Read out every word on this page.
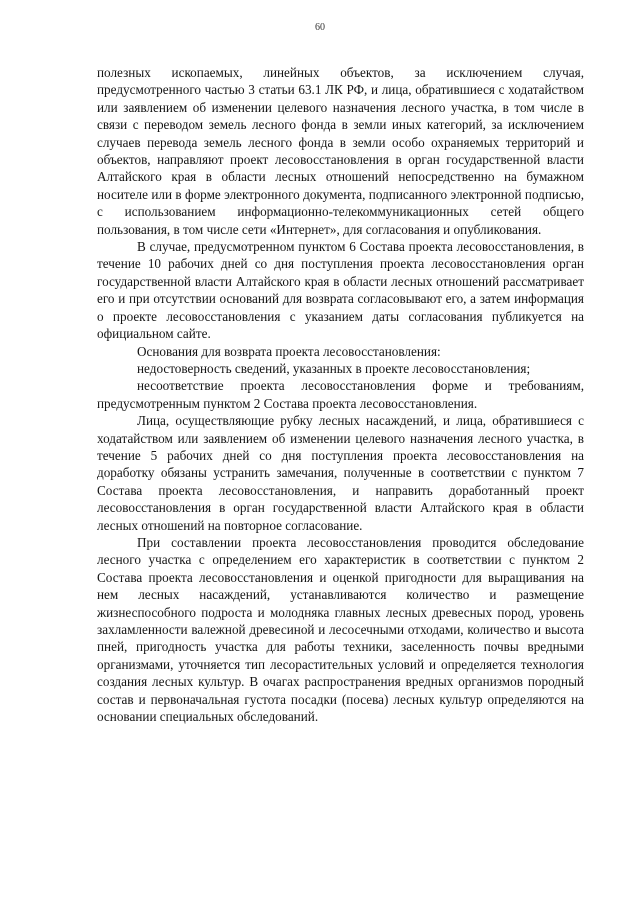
60

полезных ископаемых, линейных объектов, за исключением случая, предусмотренного частью 3 статьи 63.1 ЛК РФ, и лица, обратившиеся с ходатайством или заявлением об изменении целевого назначения лесного участка, в том числе в связи с переводом земель лесного фонда в земли иных категорий, за исключением случаев перевода земель лесного фонда в земли особо охраняемых территорий и объектов, направляют проект лесовосстановления в орган государственной власти Алтайского края в области лесных отношений непосредственно на бумажном носителе или в форме электронного документа, подписанного электронной подписью, с использованием информационно-телекоммуникационных сетей общего пользования, в том числе сети «Интернет», для согласования и опубликования.

В случае, предусмотренном пунктом 6 Состава проекта лесовосстановления, в течение 10 рабочих дней со дня поступления проекта лесовосстановления орган государственной власти Алтайского края в области лесных отношений рассматривает его и при отсутствии оснований для возврата согласовывают его, а затем информация о проекте лесовосстановления с указанием даты согласования публикуется на официальном сайте.

Основания для возврата проекта лесовосстановления:

недостоверность сведений, указанных в проекте лесовосстановления;

несоответствие проекта лесовосстановления форме и требованиям, предусмотренным пунктом 2 Состава проекта лесовосстановления.

Лица, осуществляющие рубку лесных насаждений, и лица, обратившиеся с ходатайством или заявлением об изменении целевого назначения лесного участка, в течение 5 рабочих дней со дня поступления проекта лесовосстановления на доработку обязаны устранить замечания, полученные в соответствии с пунктом 7 Состава проекта лесовосстановления, и направить доработанный проект лесовосстановления в орган государственной власти Алтайского края в области лесных отношений на повторное согласование.

При составлении проекта лесовосстановления проводится обследование лесного участка с определением его характеристик в соответствии с пунктом 2 Состава проекта лесовосстановления и оценкой пригодности для выращивания на нем лесных насаждений, устанавливаются количество и размещение жизнеспособного подроста и молодняка главных лесных древесных пород, уровень захламленности валежной древесиной и лесосечными отходами, количество и высота пней, пригодность участка для работы техники, заселенность почвы вредными организмами, уточняется тип лесорастительных условий и определяется технология создания лесных культур. В очагах распространения вредных организмов породный состав и первоначальная густота посадки (посева) лесных культур определяются на основании специальных обследований.
